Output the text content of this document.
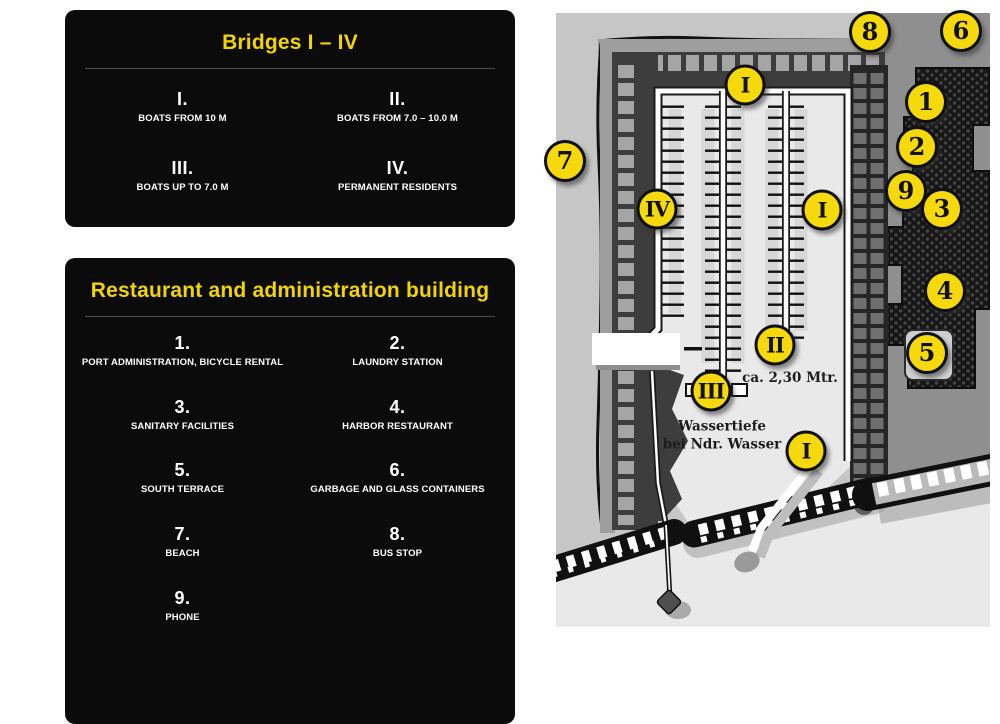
Bridges I – IV
I.
BOATS FROM 10 M
II.
BOATS FROM 7.0 – 10.0 M
III.
BOATS UP TO 7.0 M
IV.
PERMANENT RESIDENTS
Restaurant and administration building
1.
PORT ADMINISTRATION, BICYCLE RENTAL
2.
LAUNDRY STATION
3.
SANITARY FACILITIES
4.
HARBOR RESTAURANT
5.
SOUTH TERRACE
6.
GARBAGE AND GLASS CONTAINERS
7.
BEACH
8.
BUS STOP
9.
PHONE
ca. 2,30 Mtr.
Wassertiefe
bei Ndr. Wasser
I
IV	I
II
III
I
8	6
1
2
9
3
4
5
7
